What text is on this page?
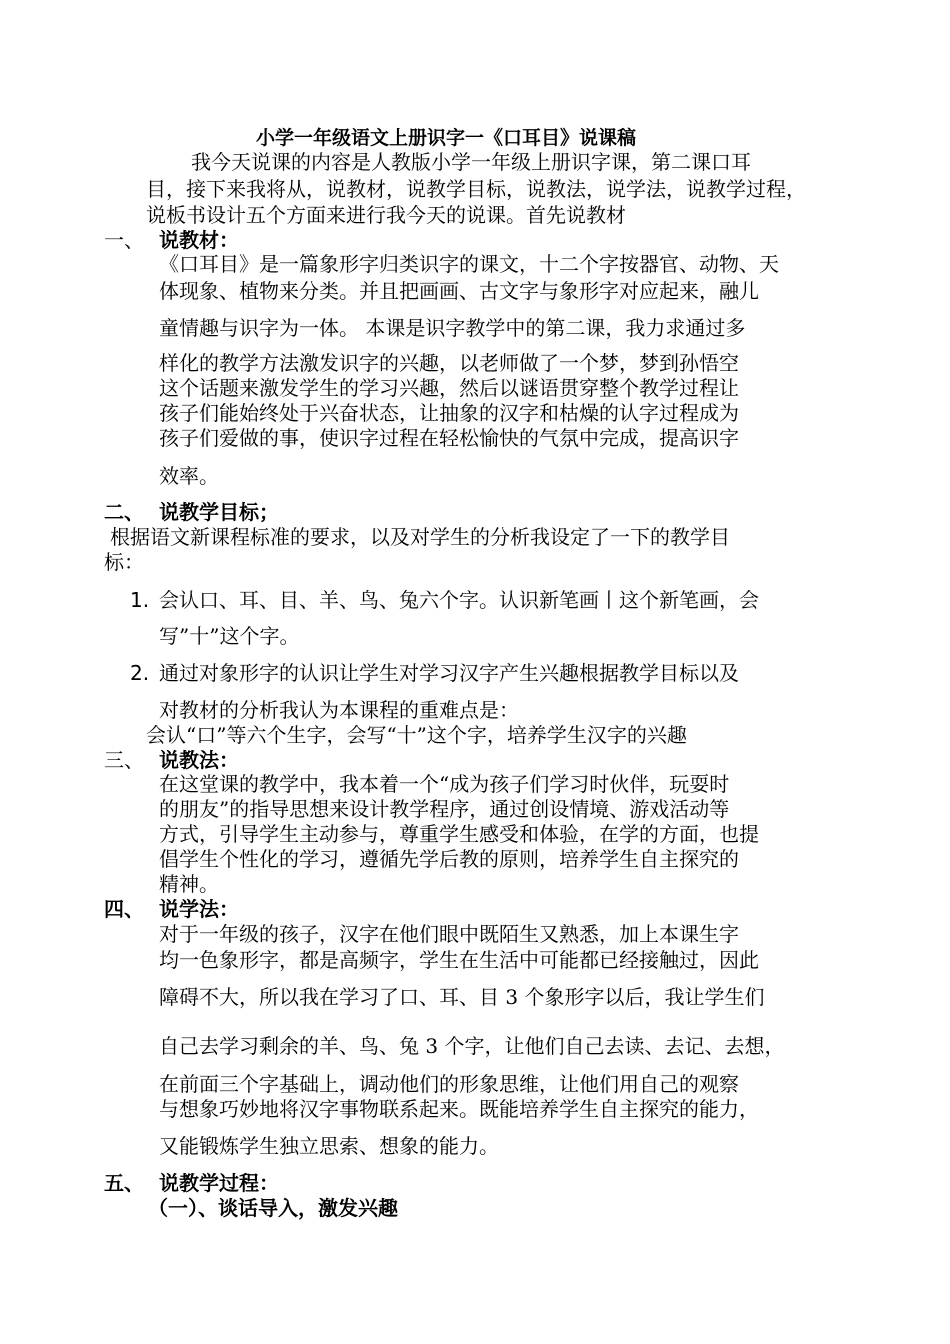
小学一年级语文上册识字一《口耳目》说课稿
我今天说课的内容是人教版小学一年级上册识字课，第二课口耳
目，接下来我将从，说教材，说教学目标，说教法，说学法，说教学过程，
说板书设计五个方面来进行我今天的说课。首先说教材
一、 说教材：
《口耳目》是一篇象形字归类识字的课文，十二个字按器官、动物、天
体现象、植物来分类。并且把画画、古文字与象形字对应起来，融儿
童情趣与识字为一体。 本课是识字教学中的第二课，我力求通过多
样化的教学方法激发识字的兴趣，以老师做了一个梦，梦到孙悟空
这个话题来激发学生的学习兴趣，然后以谜语贯穿整个教学过程让
孩子们能始终处于兴奋状态，让抽象的汉字和枯燥的认字过程成为
孩子们爱做的事，使识字过程在轻松愉快的气氛中完成，提高识字
效率。
二、 说教学目标；
根据语文新课程标准的要求，以及对学生的分析我设定了一下的教学目
标：
1. 会认口、耳、目、羊、鸟、兔六个字。认识新笔画丨这个新笔画，会
写”十”这个字。
2. 通过对象形字的认识让学生对学习汉字产生兴趣根据教学目标以及
对教材的分析我认为本课程的重难点是：
会认“口”等六个生字，会写“十”这个字，培养学生汉字的兴趣
三、 说教法：
在这堂课的教学中，我本着一个“成为孩子们学习时伙伴，玩耍时
的朋友”的指导思想来设计教学程序，通过创设情境、游戏活动等
方式，引导学生主动参与，尊重学生感受和体验，在学的方面，也提
倡学生个性化的学习，遵循先学后教的原则，培养学生自主探究的
精神。
四、 说学法：
对于一年级的孩子，汉字在他们眼中既陌生又熟悉，加上本课生字
均一色象形字，都是高频字，学生在生活中可能都已经接触过，因此
障碍不大，所以我在学习了口、耳、目 3 个象形字以后，我让学生们
自己去学习剩余的羊、鸟、兔 3 个字，让他们自己去读、去记、去想，
在前面三个字基础上，调动他们的形象思维，让他们用自己的观察
与想象巧妙地将汉字事物联系起来。既能培养学生自主探究的能力，
又能锻炼学生独立思索、想象的能力。
五、 说教学过程：
（一）、谈话导入，激发兴趣
